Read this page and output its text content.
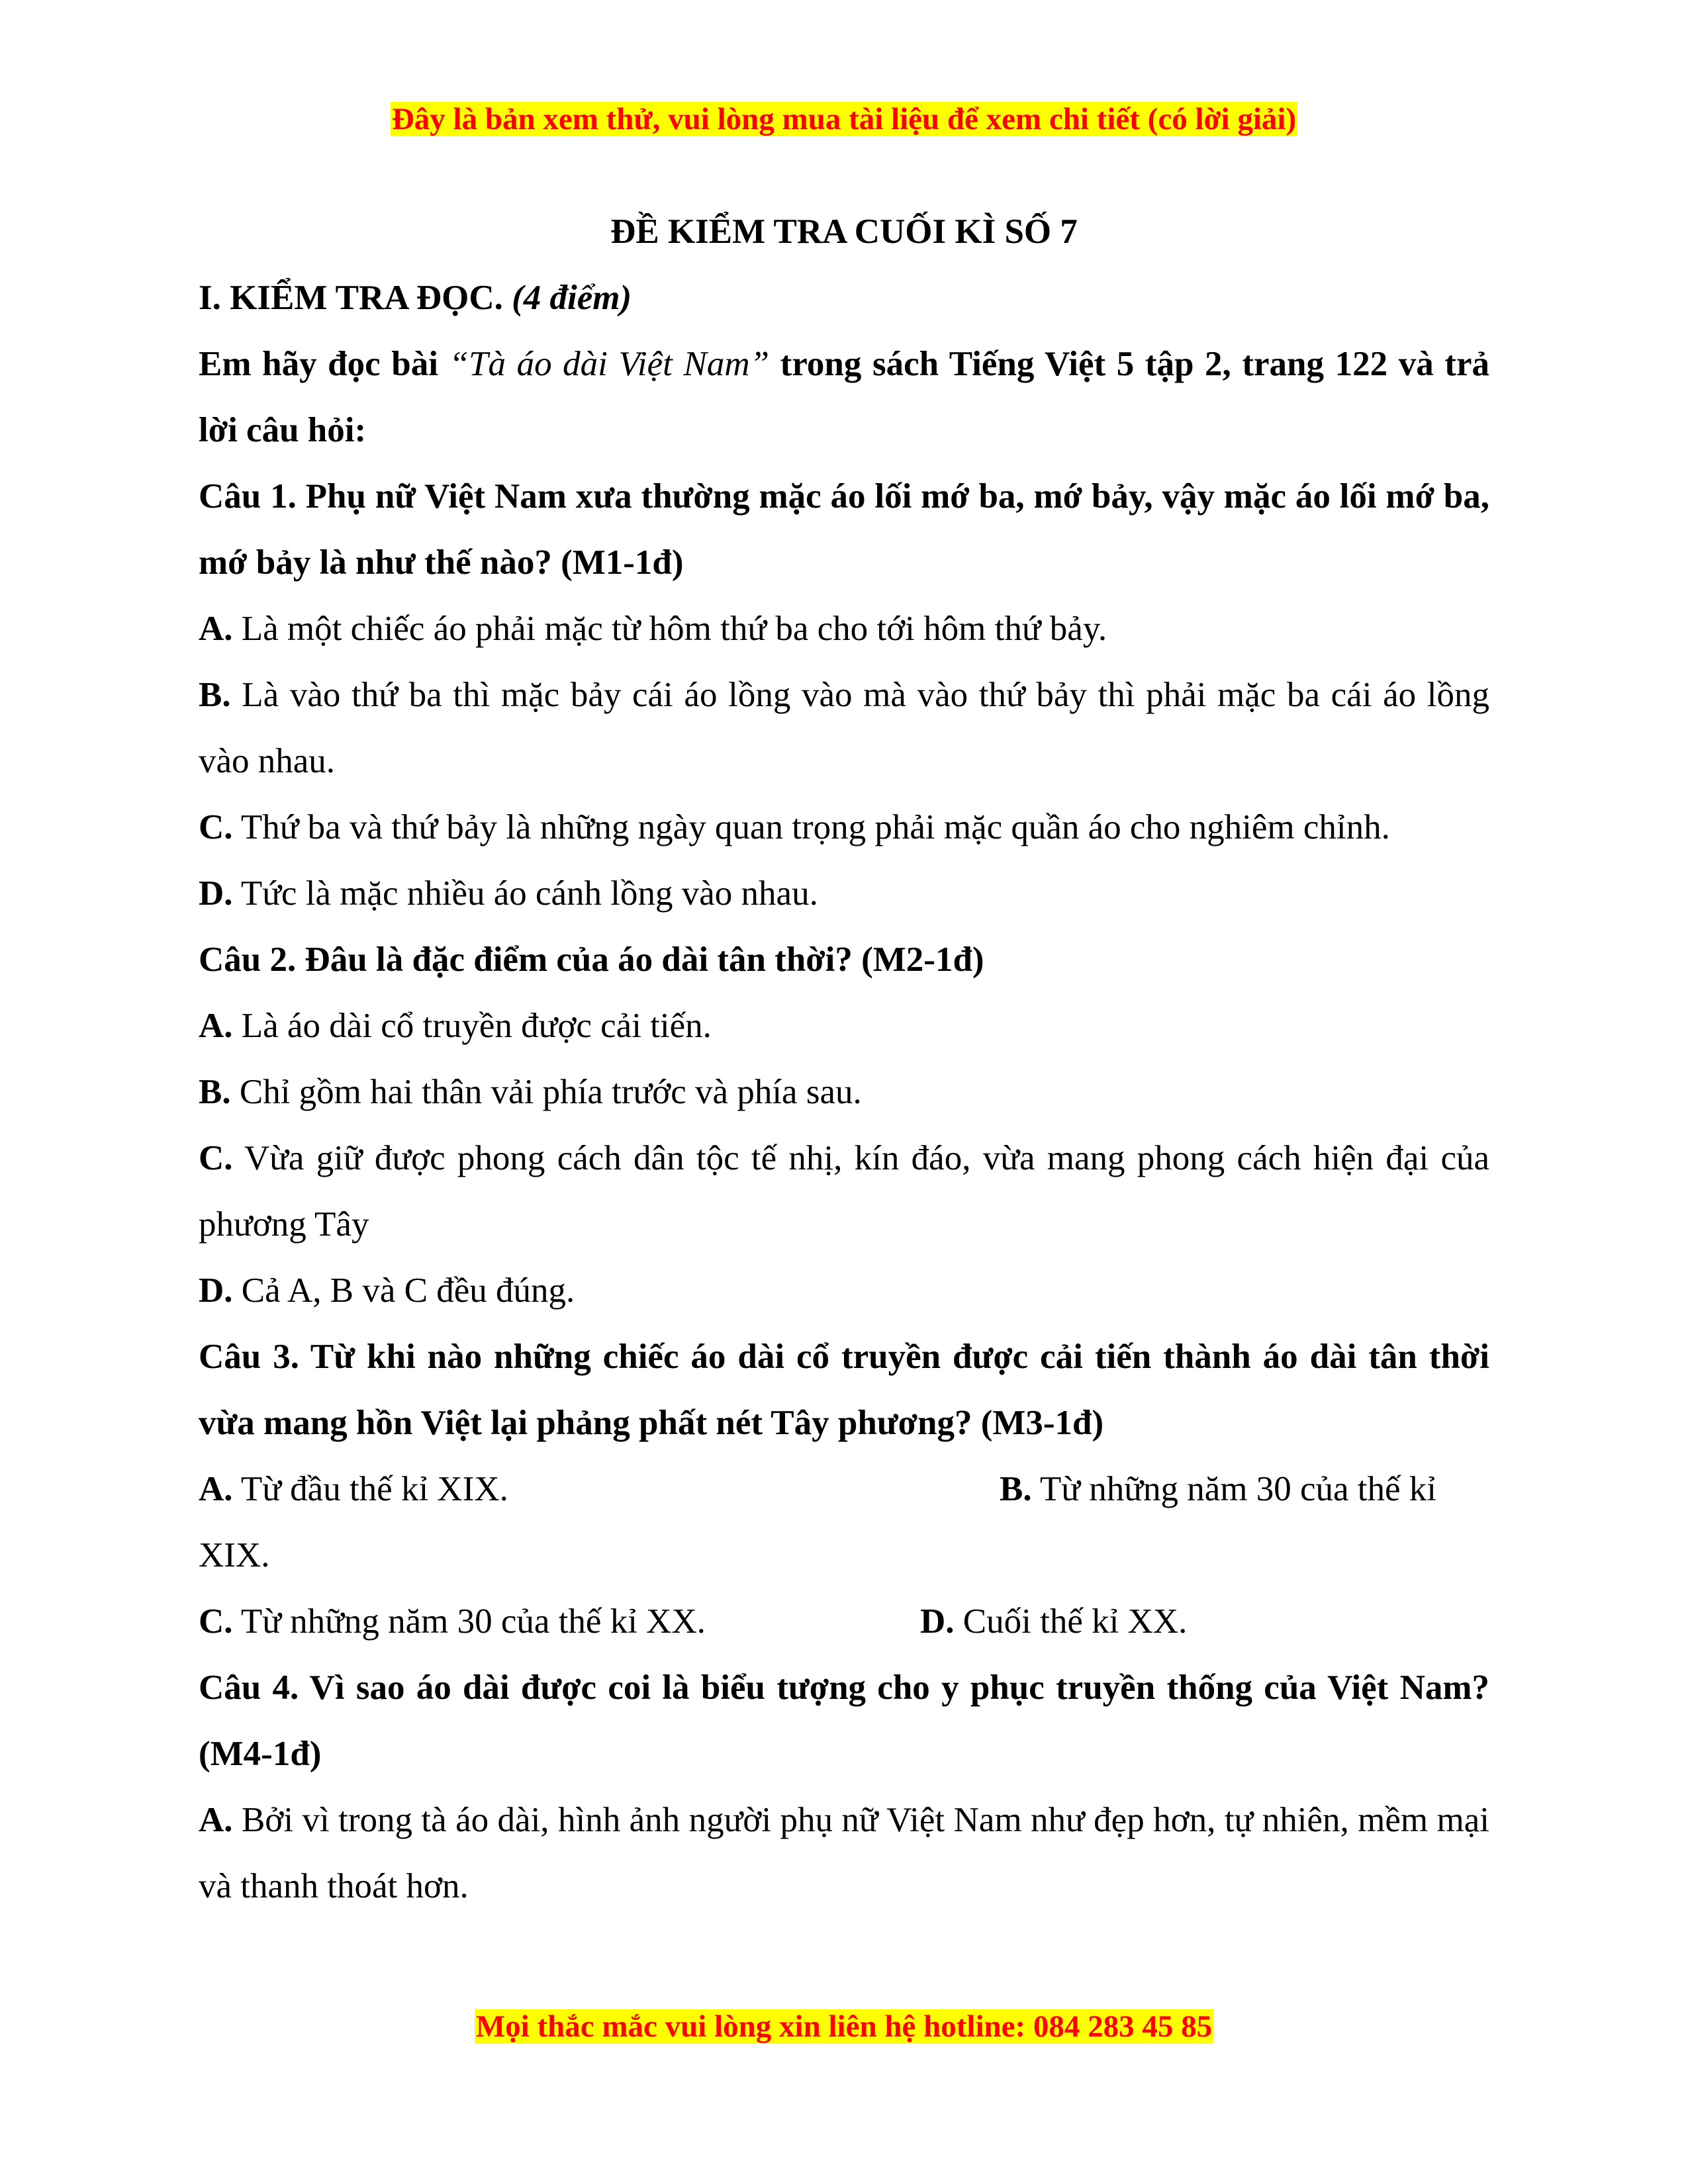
Đây là bản xem thử, vui lòng mua tài liệu để xem chi tiết (có lời giải)

ĐỀ KIỂM TRA CUỐI KÌ SỐ 7

I. KIỂM TRA ĐỌC. (4 điểm)

Em hãy đọc bài “Tà áo dài Việt Nam” trong sách Tiếng Việt 5 tập 2, trang 122 và trả lời câu hỏi:

Câu 1. Phụ nữ Việt Nam xưa thường mặc áo lối mớ ba, mớ bảy, vậy mặc áo lối mớ ba, mớ bảy là như thế nào? (M1-1đ)

A. Là một chiếc áo phải mặc từ hôm thứ ba cho tới hôm thứ bảy.

B. Là vào thứ ba thì mặc bảy cái áo lồng vào mà vào thứ bảy thì phải mặc ba cái áo lồng vào nhau.

C. Thứ ba và thứ bảy là những ngày quan trọng phải mặc quần áo cho nghiêm chỉnh.

D. Tức là mặc nhiều áo cánh lồng vào nhau.

Câu 2. Đâu là đặc điểm của áo dài tân thời? (M2-1đ)

A. Là áo dài cổ truyền được cải tiến.

B. Chỉ gồm hai thân vải phía trước và phía sau.

C. Vừa giữ được phong cách dân tộc tế nhị, kín đáo, vừa mang phong cách hiện đại của phương Tây

D. Cả A, B và C đều đúng.

Câu 3. Từ khi nào những chiếc áo dài cổ truyền được cải tiến thành áo dài tân thời vừa mang hồn Việt lại phảng phất nét Tây phương? (M3-1đ)

A. Từ đầu thế kỉ XIX.	B. Từ những năm 30 của thế kỉ

XIX.

C. Từ những năm 30 của thế kỉ XX.	D. Cuối thế kỉ XX.

Câu 4. Vì sao áo dài được coi là biểu tượng cho y phục truyền thống của Việt Nam?(M4-1đ)

A. Bởi vì trong tà áo dài, hình ảnh người phụ nữ Việt Nam như đẹp hơn, tự nhiên, mềm mại và thanh thoát hơn.

Mọi thắc mắc vui lòng xin liên hệ hotline: 084 283 45 85
